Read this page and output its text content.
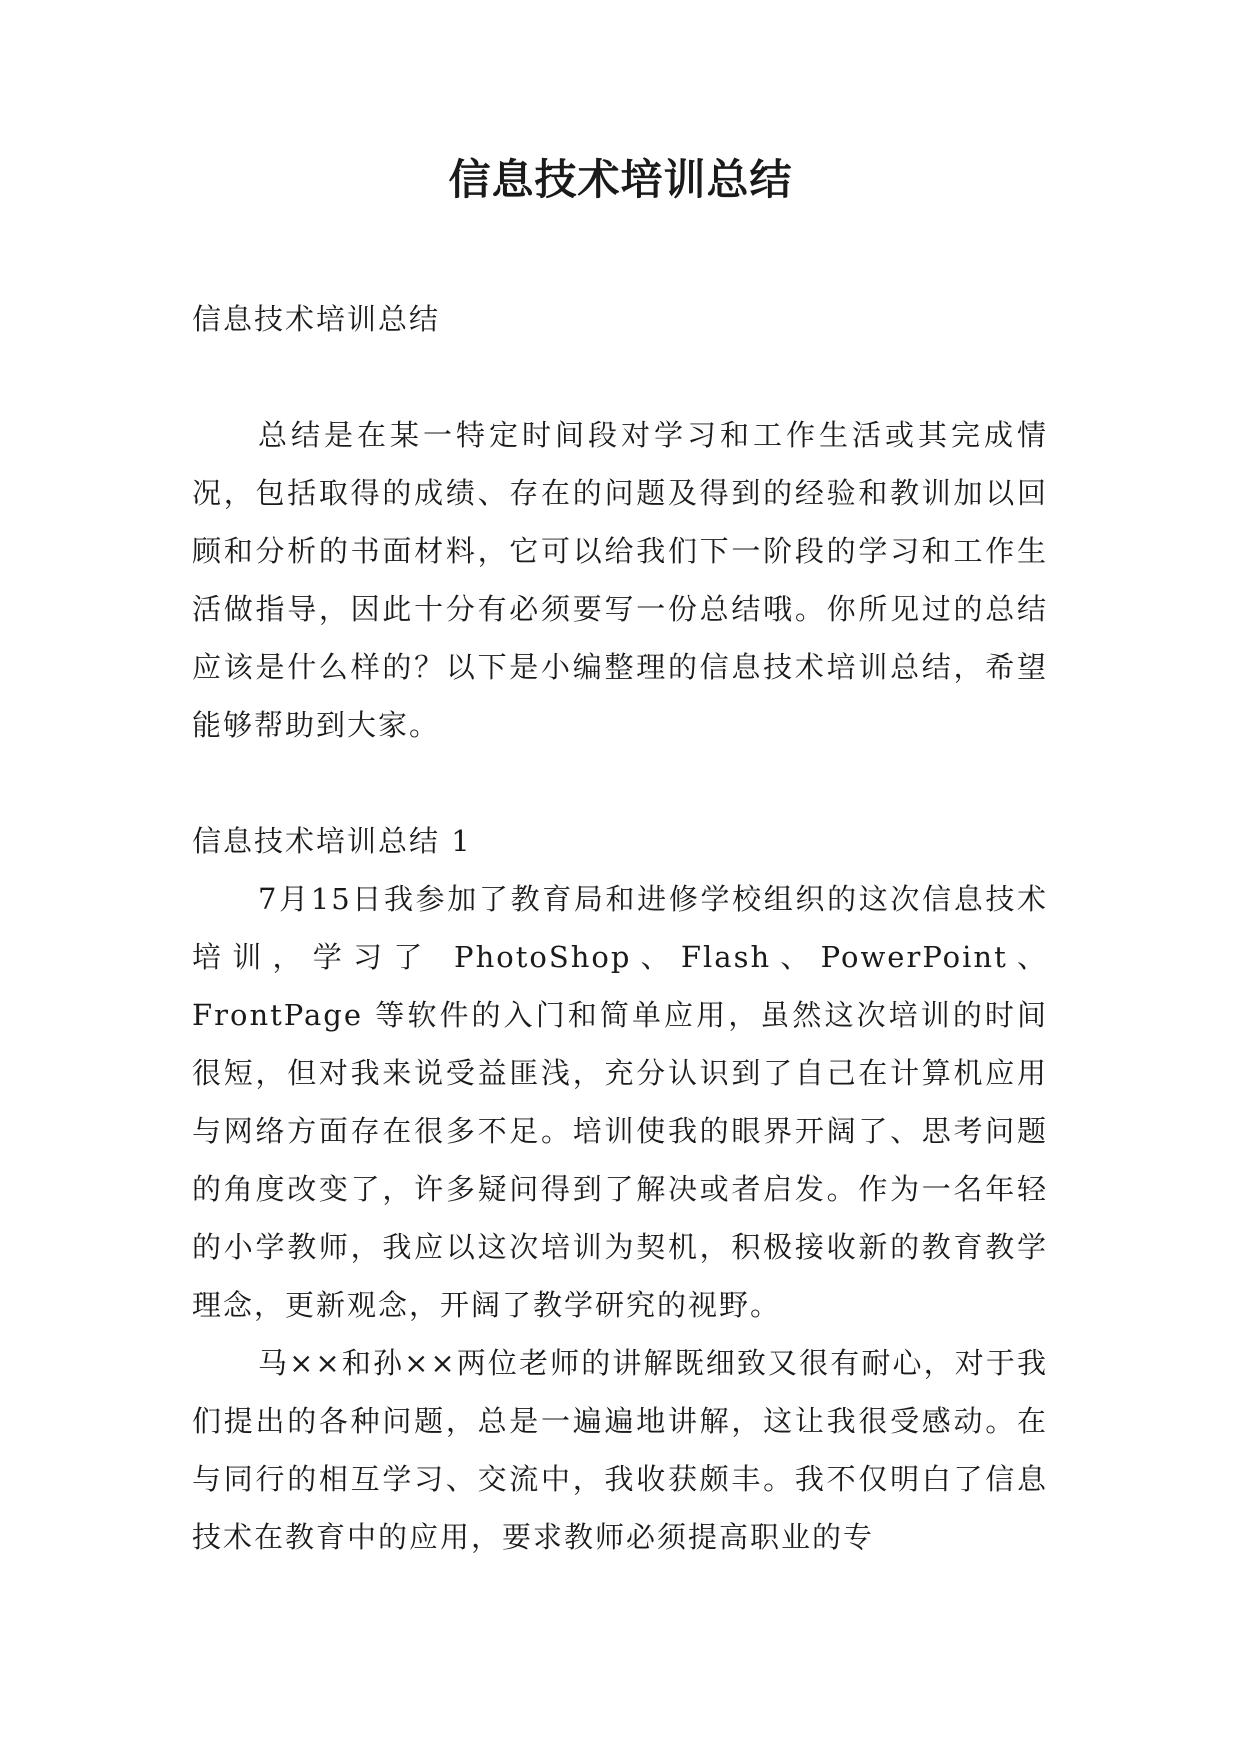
信息技术培训总结

信息技术培训总结

总结是在某一特定时间段对学习和工作生活或其完成情况，包括取得的成绩、存在的问题及得到的经验和教训加以回顾和分析的书面材料，它可以给我们下一阶段的学习和工作生活做指导，因此十分有必须要写一份总结哦。你所见过的总结应该是什么样的？以下是小编整理的信息技术培训总结，希望能够帮助到大家。

信息技术培训总结 1

7月15日我参加了教育局和进修学校组织的这次信息技术培训，学习了 PhotoShop、Flash、PowerPoint、FrontPage 等软件的入门和简单应用，虽然这次培训的时间很短，但对我来说受益匪浅，充分认识到了自己在计算机应用与网络方面存在很多不足。培训使我的眼界开阔了、思考问题的角度改变了，许多疑问得到了解决或者启发。作为一名年轻的小学教师，我应以这次培训为契机，积极接收新的教育教学理念，更新观念，开阔了教学研究的视野。

马××和孙××两位老师的讲解既细致又很有耐心，对于我们提出的各种问题，总是一遍遍地讲解，这让我很受感动。在与同行的相互学习、交流中，我收获颇丰。我不仅明白了信息技术在教育中的应用，要求教师必须提高职业的专
